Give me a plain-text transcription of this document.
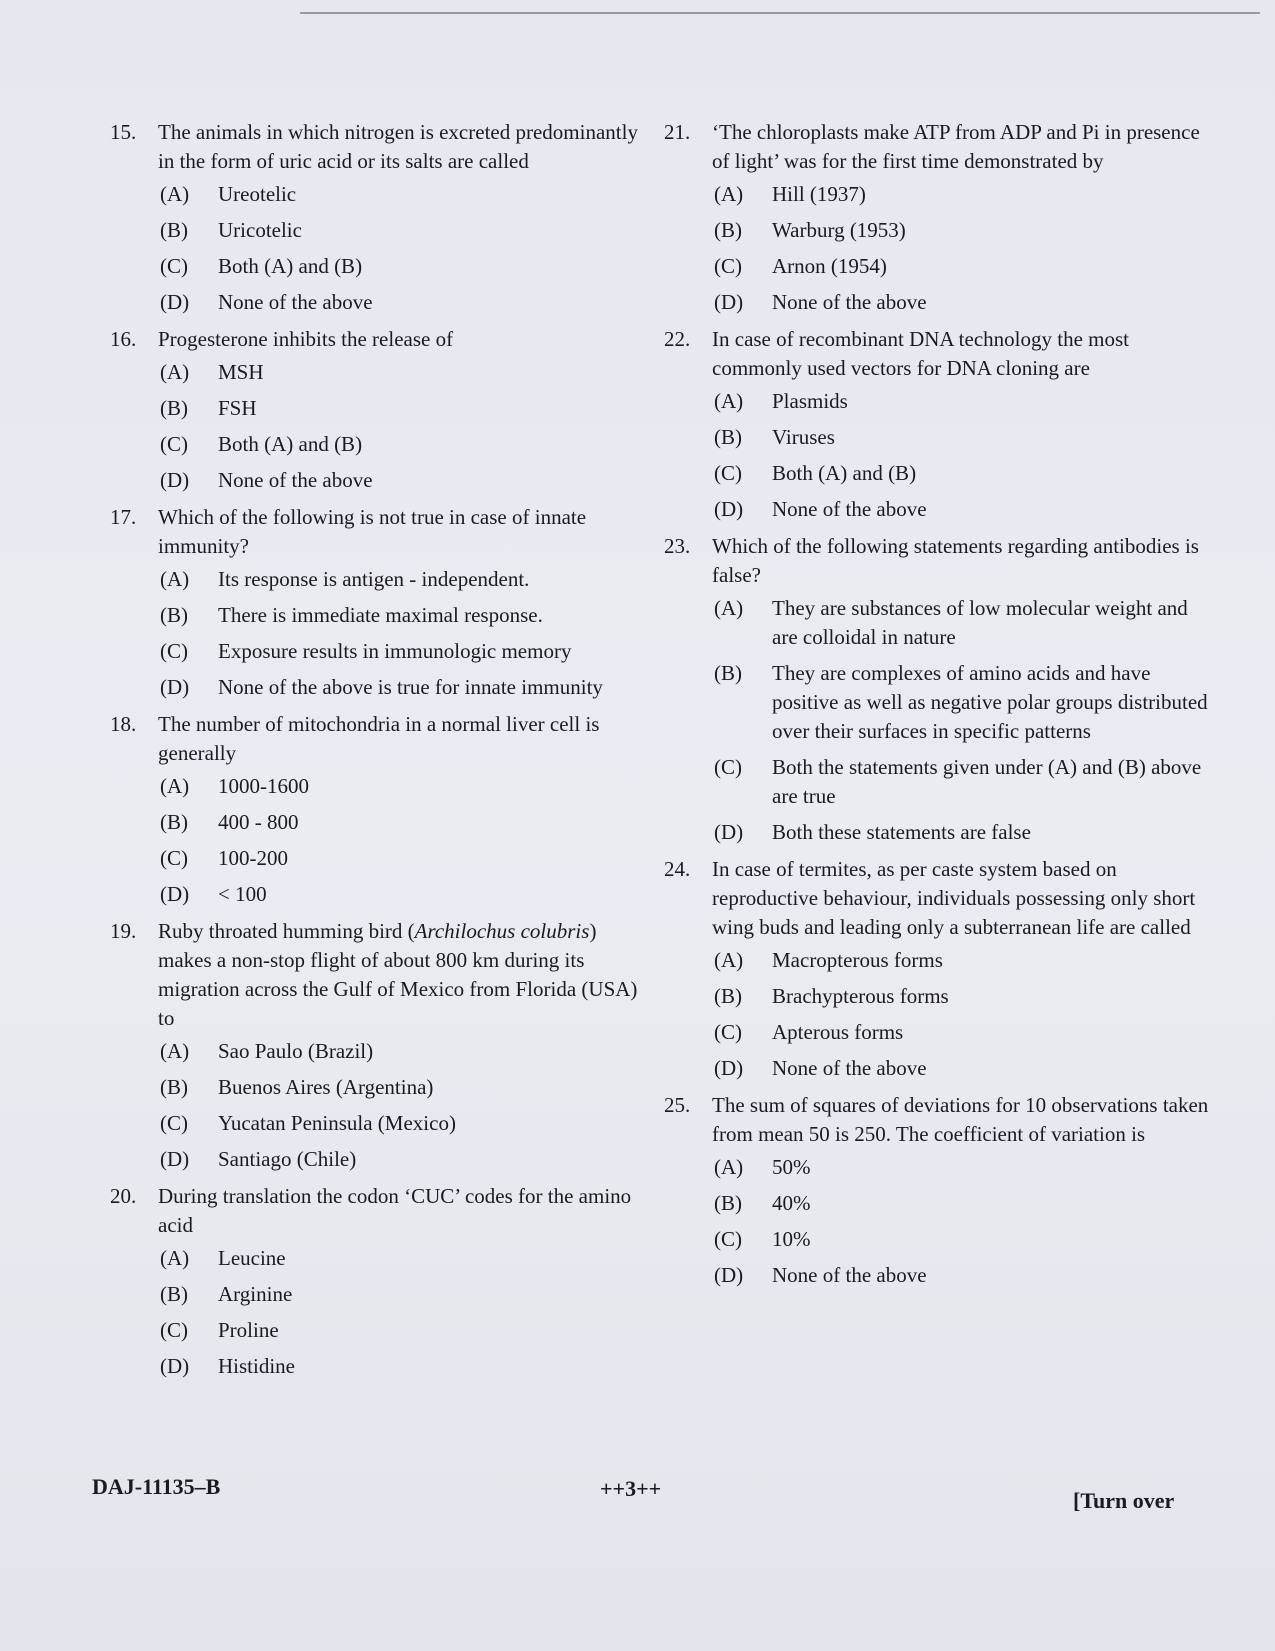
15.	The animals in which nitrogen is excreted predominantly in the form of uric acid or its salts are called
(A)	Ureotelic
(B)	Uricotelic
(C)	Both (A) and (B)
(D)	None of the above
16.	Progesterone inhibits the release of
(A)	MSH
(B)	FSH
(C)	Both (A) and (B)
(D)	None of the above
17.	Which of the following is not true in case of innate immunity?
(A)	Its response is antigen - independent.
(B)	There is immediate maximal response.
(C)	Exposure results in immunologic memory
(D)	None of the above is true for innate immunity
18.	The number of mitochondria in a normal liver cell is generally
(A)	1000-1600
(B)	400 - 800
(C)	100-200
(D)	< 100
19.	Ruby throated humming bird (Archilochus colubris) makes a non-stop flight of about 800 km during its migration across the Gulf of Mexico from Florida (USA) to
(A)	Sao Paulo (Brazil)
(B)	Buenos Aires (Argentina)
(C)	Yucatan Peninsula (Mexico)
(D)	Santiago (Chile)
20.	During translation the codon ‘CUC’ codes for the amino acid
(A)	Leucine
(B)	Arginine
(C)	Proline
(D)	Histidine
21.	‘The chloroplasts make ATP from ADP and Pi in presence of light’ was for the first time demonstrated by
(A)	Hill (1937)
(B)	Warburg (1953)
(C)	Arnon (1954)
(D)	None of the above
22.	In case of recombinant DNA technology the most commonly used vectors for DNA cloning are
(A)	Plasmids
(B)	Viruses
(C)	Both (A) and (B)
(D)	None of the above
23.	Which of the following statements regarding antibodies is false?
(A)	They are substances of low molecular weight and are colloidal in nature
(B)	They are complexes of amino acids and have positive as well as negative polar groups distributed over their surfaces in specific patterns
(C)	Both the statements given under (A) and (B) above are true
(D)	Both these statements are false
24.	In case of termites, as per caste system based on reproductive behaviour, individuals possessing only short wing buds and leading only a subterranean life are called
(A)	Macropterous forms
(B)	Brachypterous forms
(C)	Apterous forms
(D)	None of the above
25.	The sum of squares of deviations for 10 observations taken from mean 50 is 250. The coefficient of variation is
(A)	50%
(B)	40%
(C)	10%
(D)	None of the above
DAJ-11135–B	++3++	[Turn over
